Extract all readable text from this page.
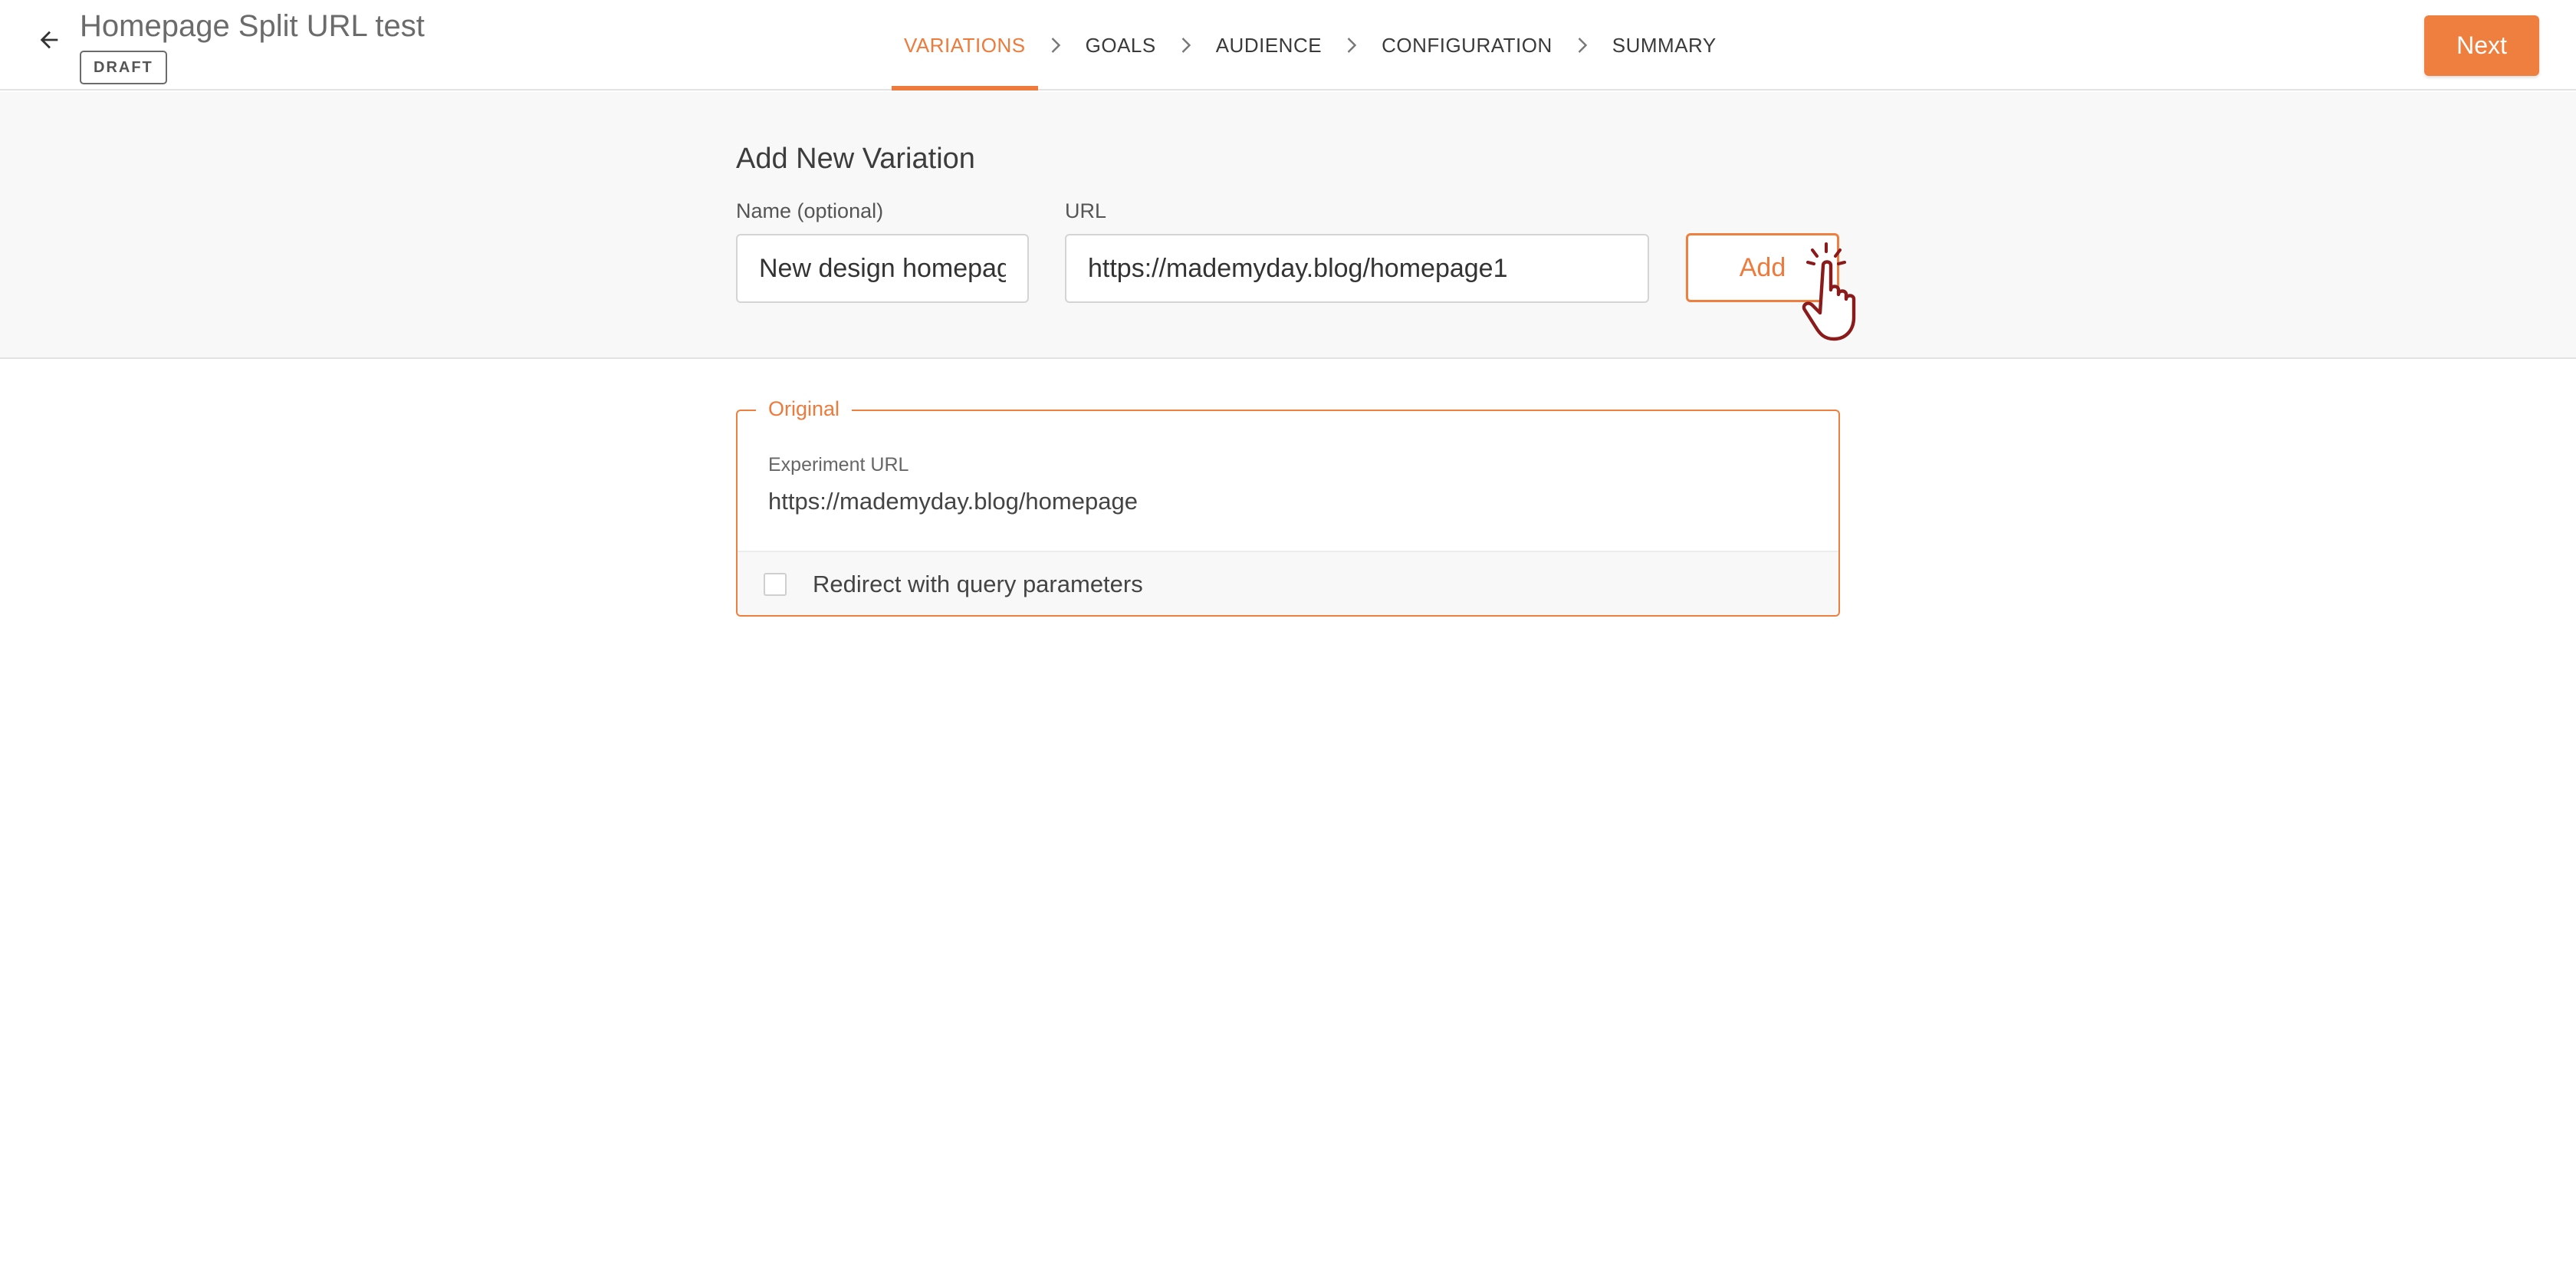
Homepage Split URL test
DRAFT
VARIATIONS	GOALS	AUDIENCE	CONFIGURATION	SUMMARY	Next
Add New Variation
Name (optional)
New design homepage	URL
https://mademyday.blog/homepage1
Add
Original
Experiment URL
https://mademyday.blog/homepage
Redirect with query parameters
